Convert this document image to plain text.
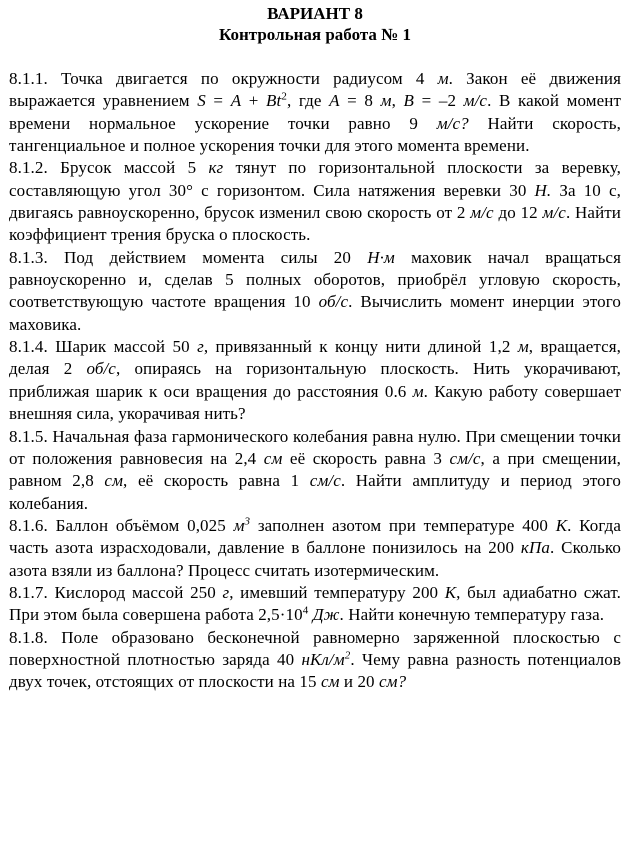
ВАРИАНТ 8

Контрольная работа № 1

8.1.1. Точка двигается по окружности радиусом 4 м. Закон её движения выражается уравнением $S = A + Bt^2$, где A = 8 м, B = –2 м/с. В какой момент времени нормальное ускорение точки равно 9 м/с? Найти скорость, тангенциальное и полное ускорения точки для этого момента времени.

8.1.2. Брусок массой 5 кг тянут по горизонтальной плоскости за веревку, составляющую угол 30° с горизонтом. Сила натяжения веревки 30 Н. За 10 с, двигаясь равноускоренно, брусок изменил свою скорость от 2 м/с до 12 м/с. Найти коэффициент трения бруска о плоскость.

8.1.3. Под действием момента силы 20 Н·м маховик начал вращаться равноускоренно и, сделав 5 полных оборотов, приобрёл угловую скорость, соответствующую частоте вращения 10 об/с. Вычислить момент инерции этого маховика.

8.1.4. Шарик массой 50 г, привязанный к концу нити длиной 1,2 м, вращается, делая 2 об/с, опираясь на горизонтальную плоскость. Нить укорачивают, приближая шарик к оси вращения до расстояния 0.6 м. Какую работу совершает внешняя сила, укорачивая нить?

8.1.5. Начальная фаза гармонического колебания равна нулю. При смещении точки от положения равновесия на 2,4 см её скорость равна 3 см/с, а при смещении, равном 2,8 см, её скорость равна 1 см/с. Найти амплитуду и период этого колебания.

8.1.6. Баллон объёмом 0,025 $м^3$ заполнен азотом при температуре 400 К. Когда часть азота израсходовали, давление в баллоне понизилось на 200 кПа. Сколько азота взяли из баллона? Процесс считать изотермическим.

8.1.7. Кислород массой 250 г, имевший температуру 200 К, был адиабатно сжат. При этом была совершена работа $2,5\cdot 10^4$ Дж. Найти конечную температуру газа.

8.1.8. Поле образовано бесконечной равномерно заряженной плоскостью с поверхностной плотностью заряда 40 нКл/$м^2$. Чему равна разность потенциалов двух точек, отстоящих от плоскости на 15 см и 20 см?
